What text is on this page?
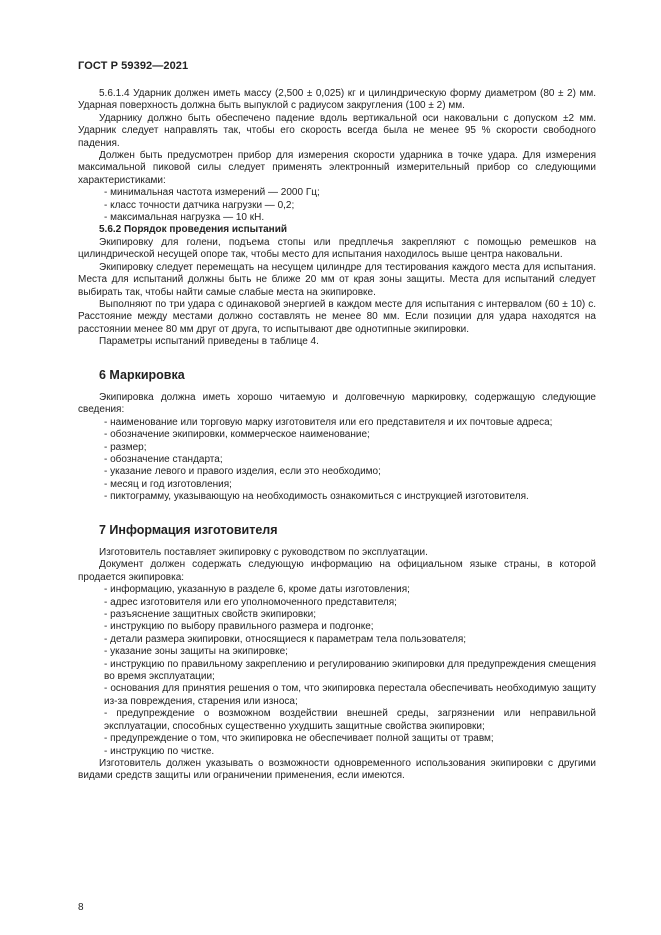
ГОСТ Р 59392—2021

5.6.1.4 Ударник должен иметь массу (2,500 ± 0,025) кг и цилиндрическую форму диаметром (80 ± 2) мм. Ударная поверхность должна быть выпуклой с радиусом закругления (100 ± 2) мм.

Ударнику должно быть обеспечено падение вдоль вертикальной оси наковальни с допуском ±2 мм. Ударник следует направлять так, чтобы его скорость всегда была не менее 95 % скорости свободного падения.

Должен быть предусмотрен прибор для измерения скорости ударника в точке удара. Для измерения максимальной пиковой силы следует применять электронный измерительный прибор со следующими характеристиками:

- минимальная частота измерений — 2000 Гц;

- класс точности датчика нагрузки — 0,2;

- максимальная нагрузка — 10 кН.

5.6.2 Порядок проведения испытаний

Экипировку для голени, подъема стопы или предплечья закрепляют с помощью ремешков на цилиндрической несущей опоре так, чтобы место для испытания находилось выше центра наковальни.

Экипировку следует перемещать на несущем цилиндре для тестирования каждого места для испытания. Места для испытаний должны быть не ближе 20 мм от края зоны защиты. Места для испытаний следует выбирать так, чтобы найти самые слабые места на экипировке.

Выполняют по три удара с одинаковой энергией в каждом месте для испытания с интервалом (60 ± 10) с. Расстояние между местами должно составлять не менее 80 мм. Если позиции для удара находятся на расстоянии менее 80 мм друг от друга, то испытывают две однотипные экипировки.

Параметры испытаний приведены в таблице 4.

6 Маркировка

Экипировка должна иметь хорошо читаемую и долговечную маркировку, содержащую следующие сведения:

- наименование или торговую марку изготовителя или его представителя и их почтовые адреса;

- обозначение экипировки, коммерческое наименование;

- размер;

- обозначение стандарта;

- указание левого и правого изделия, если это необходимо;

- месяц и год изготовления;

- пиктограмму, указывающую на необходимость ознакомиться с инструкцией изготовителя.

7 Информация изготовителя

Изготовитель поставляет экипировку с руководством по эксплуатации.

Документ должен содержать следующую информацию на официальном языке страны, в которой продается экипировка:

- информацию, указанную в разделе 6, кроме даты изготовления;

- адрес изготовителя или его уполномоченного представителя;

- разъяснение защитных свойств экипировки;

- инструкцию по выбору правильного размера и подгонке;

- детали размера экипировки, относящиеся к параметрам тела пользователя;

- указание зоны защиты на экипировке;

- инструкцию по правильному закреплению и регулированию экипировки для предупреждения смещения во время эксплуатации;

- основания для принятия решения о том, что экипировка перестала обеспечивать необходимую защиту из-за повреждения, старения или износа;

- предупреждение о возможном воздействии внешней среды, загрязнении или неправильной эксплуатации, способных существенно ухудшить защитные свойства экипировки;

- предупреждение о том, что экипировка не обеспечивает полной защиты от травм;

- инструкцию по чистке.

Изготовитель должен указывать о возможности одновременного использования экипировки с другими видами средств защиты или ограничении применения, если имеются.

8
